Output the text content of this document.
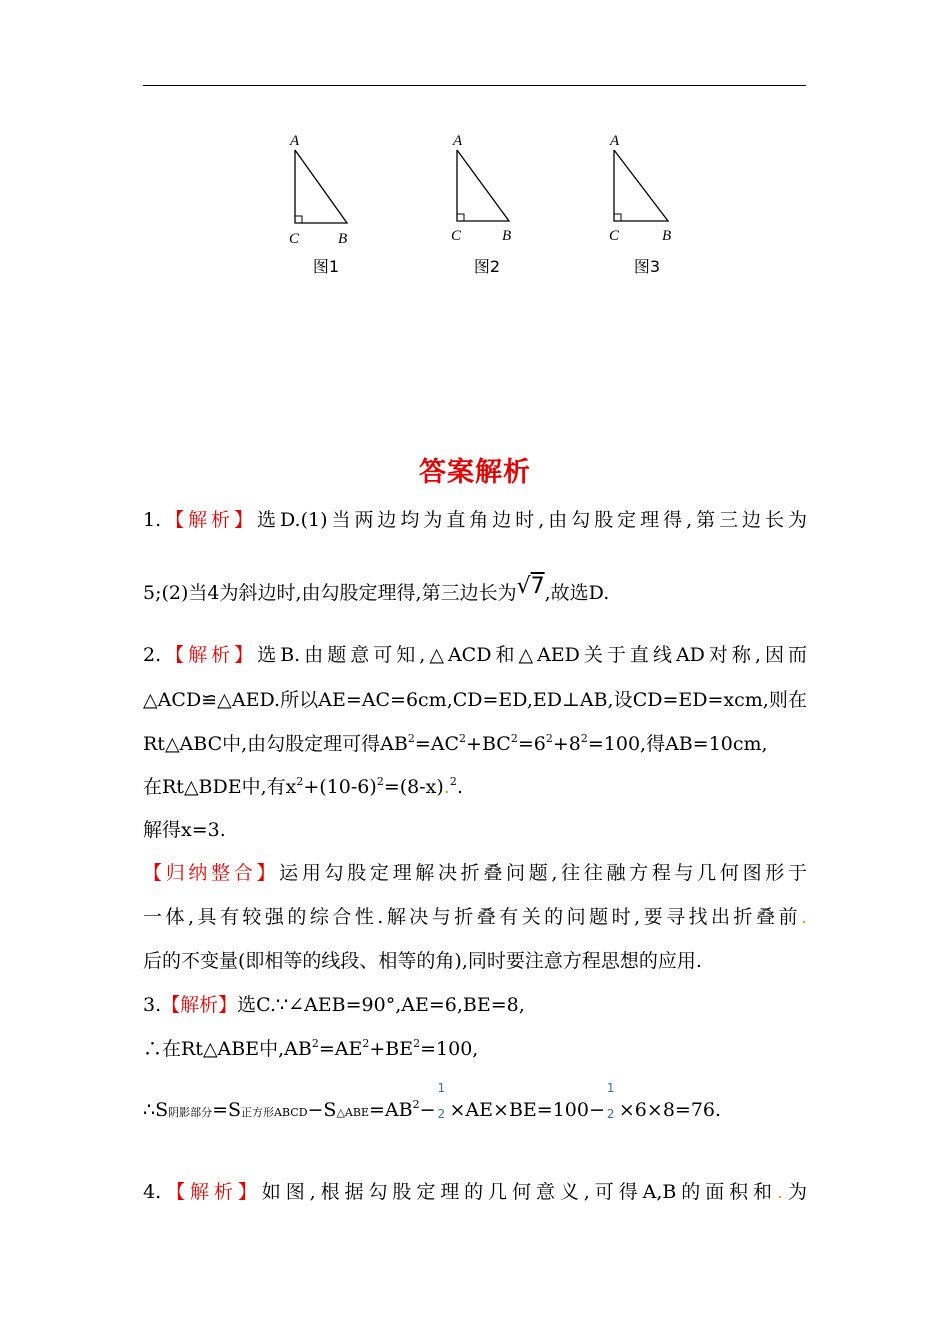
A
C	B
图1
A
C	B
图2
A
C	B
图3
答案解析
1.【解析】选D.(1)当两边均为直角边时,由勾股定理得,第三边长为
5;(2)当4为斜边时,由勾股定理得,第三边长为√7,故选D.
2.【解析】选B.由题意可知,△ACD和△AED关于直线AD对称,因而
△ACD≌△AED.所以AE=AC=6cm,CD=ED,ED⊥AB,设CD=ED=xcm,则在
Rt△ABC中,由勾股定理可得$AB^2=AC^2+BC^2=6^2+8^2=100$,得AB=10cm,
在Rt△BDE中,有$x^2+(10-6)^2=(8-x).^2$.
解得x=3.
【归纳整合】运用勾股定理解决折叠问题,往往融方程与几何图形于
一体,具有较强的综合性.解决与折叠有关的问题时,要寻找出折叠前.
后的不变量(即相等的线段、相等的角),同时要注意方程思想的应用.
3.【解析】选C.∵∠AEB=90°,AE=6,BE=8,
∴在Rt△ABE中$,AB^2=AE^2+BE^2=100$,
∴S阴影部分=S正方形$ABCD-S\triangle ABE=AB^2-$
1
2 ×AE×BE=100−
1
2 ×6×8=76.
4.【解析】如图,根据勾股定理的几何意义,可得A,B的面积和.为
